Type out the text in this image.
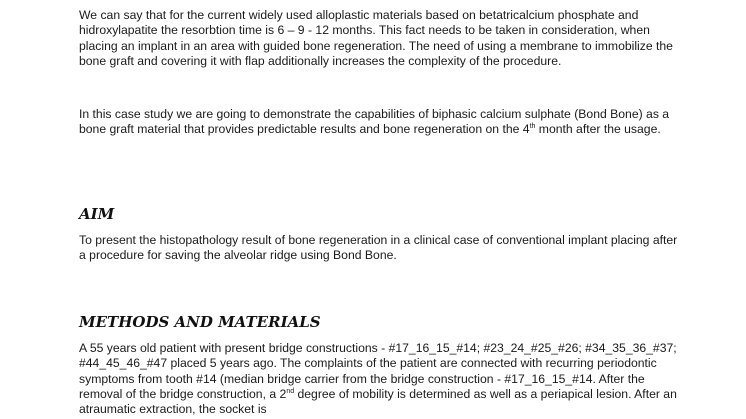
We can say that for the current widely used alloplastic materials based on betatricalcium phosphate and hidroxylapatite the resorbtion time is 6 – 9 - 12 months. This fact needs to be taken in consideration, when placing an implant in an area with guided bone regeneration. The need of using a membrane to immobilize the bone graft and covering it with flap additionally increases the complexity of the procedure.

In this case study we are going to demonstrate the capabilities of biphasic calcium sulphate (Bond Bone) as a bone graft material that provides predictable results and bone regeneration on the 4th month after the usage.

AIM

To present the histopathology result of bone regeneration in a clinical case of conventional implant placing after a procedure for saving the alveolar ridge using Bond Bone.

METHODS AND MATERIALS

A 55 years old patient with present bridge constructions - #17_16_15_#14; #23_24_#25_#26; #34_35_36_#37; #44_45_46_#47 placed 5 years ago. The complaints of the patient are connected with recurring periodontic symptoms from tooth #14 (median bridge carrier from the bridge construction - #17_16_15_#14. After the removal of the bridge construction, a 2nd degree of mobility is determined as well as a periapical lesion. After an atraumatic extraction, the socket is
